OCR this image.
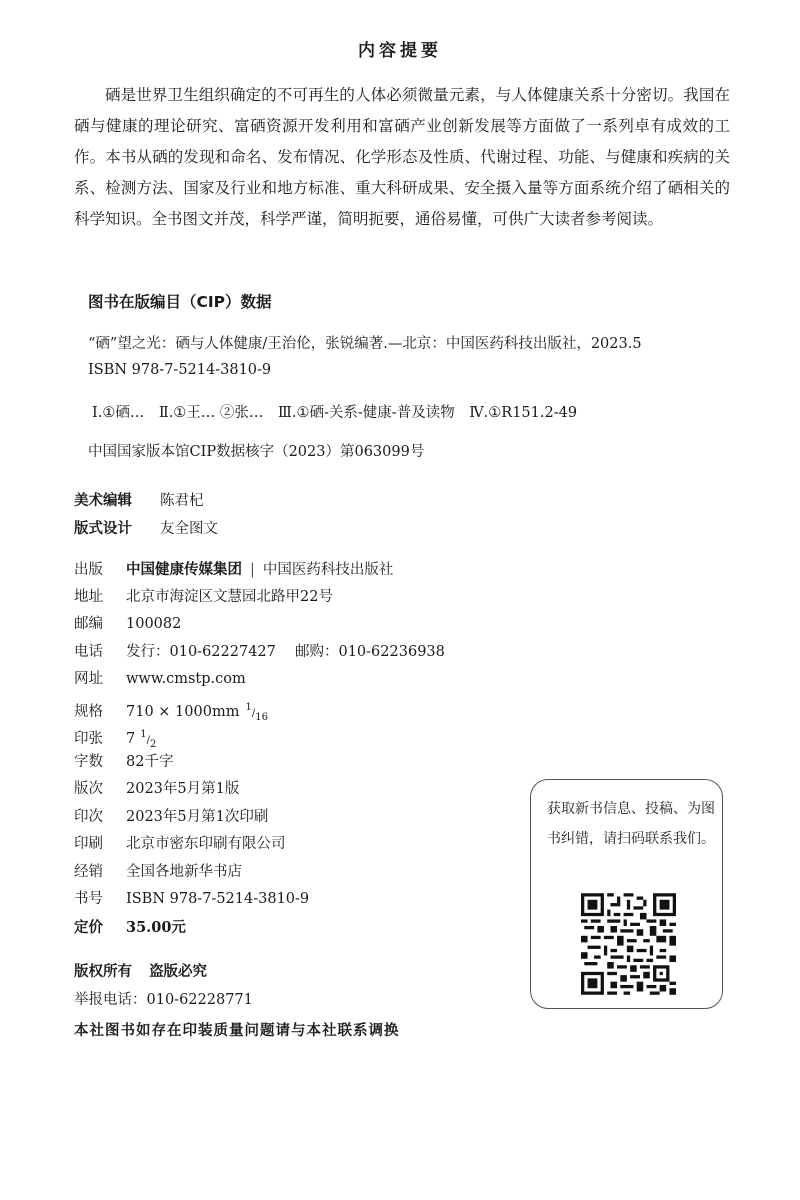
内容提要

硒是世界卫生组织确定的不可再生的人体必须微量元素，与人体健康关系十分密切。我国在硒与健康的理论研究、富硒资源开发利用和富硒产业创新发展等方面做了一系列卓有成效的工作。本书从硒的发现和命名、发布情况、化学形态及性质、代谢过程、功能、与健康和疾病的关系、检测方法、国家及行业和地方标准、重大科研成果、安全摄入量等方面系统介绍了硒相关的科学知识。全书图文并茂，科学严谨，简明扼要，通俗易懂，可供广大读者参考阅读。

图书在版编目（CIP）数据
“硒”望之光：硒与人体健康/王治伦，张锐编著.—北京：中国医药科技出版社，2023.5
ISBN 978-7-5214-3810-9
Ⅰ.①硒…　Ⅱ.①王… ②张…　Ⅲ.①硒-关系-健康-普及读物　Ⅳ.①R151.2-49
中国国家版本馆CIP数据核字（2023）第063099号
美术编辑 陈君杞
版式设计 友全图文
出版	中国健康传媒集团 | 中国医药科技出版社
地址	北京市海淀区文慧园北路甲22号
邮编	100082
电话	发行：010-62227427　 邮购：010-62236938
网址	www.cmstp.com
规格	710 × 1000mm $^1/_{16}$
印张	7 $^1/_2$
字数	82千字
版次	2023年5月第1版
印次	2023年5月第1次印刷
印刷	北京市密东印刷有限公司
经销	全国各地新华书店
书号	ISBN 978-7-5214-3810-9
定价	35.00元
版权所有 盗版必究
举报电话：010-62228771
本社图书如存在印装质量问题请与本社联系调换
获取新书信息、投稿、为图书纠错，请扫码联系我们。
